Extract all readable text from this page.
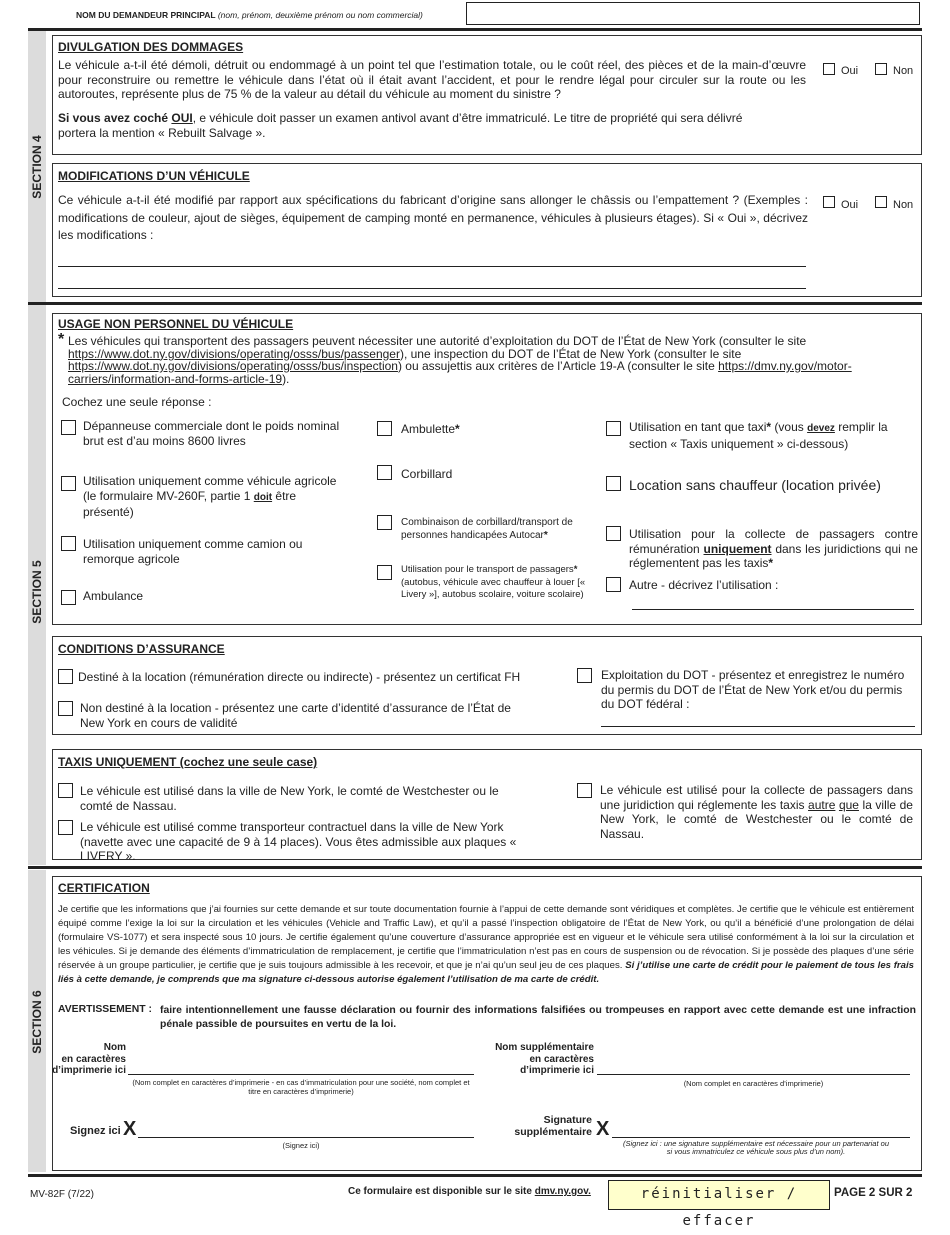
NOM DU DEMANDEUR PRINCIPAL (nom, prénom, deuxième prénom ou nom commercial)
SECTION 4
DIVULGATION DES DOMMAGES
Le véhicule a-t-il été démoli, détruit ou endommagé à un point tel que l’estimation totale, ou le coût réel, des pièces et de la main-d’œuvre pour reconstruire ou remettre le véhicule dans l’état où il était avant l’accident, et pour le rendre légal pour circuler sur la route ou les autoroutes, représente plus de 75 % de la valeur au détail du véhicule au moment du sinistre ?
Si vous avez coché OUI, e véhicule doit passer un examen antivol avant d’être immatriculé. Le titre de propriété qui sera délivré portera la mention « Rebuilt Salvage ».
Oui	Non
MODIFICATIONS D’UN VÉHICULE
Ce véhicule a-t-il été modifié par rapport aux spécifications du fabricant d’origine sans allonger le châssis ou l’empattement ? (Exemples : modifications de couleur, ajout de sièges, équipement de camping monté en permanence, véhicules à plusieurs étages). Si « Oui », décrivez les modifications :
Oui	Non
SECTION 5
USAGE NON PERSONNEL DU VÉHICULE
* Les véhicules qui transportent des passagers peuvent nécessiter une autorité d’exploitation du DOT de l’État de New York (consulter le site https://www.dot.ny.gov/divisions/operating/osss/bus/passenger), une inspection du DOT de l’État de New York (consulter le site https://www.dot.ny.gov/divisions/operating/osss/bus/inspection) ou assujettis aux critères de l’Article 19-A (consulter le site https://dmv.ny.gov/motor-carriers/information-and-forms-article-19).
Cochez une seule réponse :
Dépanneuse commerciale dont le poids nominal brut est d’au moins 8600 livres
Utilisation uniquement comme véhicule agricole (le formulaire MV-260F, partie 1 doit être présenté)
Utilisation uniquement comme camion ou remorque agricole
Ambulance
Ambulette*
Corbillard
Combinaison de corbillard/transport de personnes handicapées Autocar*
Utilisation pour le transport de passagers* (autobus, véhicule avec chauffeur à louer [« Livery »], autobus scolaire, voiture scolaire)
Utilisation en tant que taxi* (vous devez remplir la section « Taxis uniquement » ci-dessous)
Location sans chauffeur (location privée)
Utilisation pour la collecte de passagers contre rémunération uniquement dans les juridictions qui ne réglementent pas les taxis*
Autre - décrivez l’utilisation :
CONDITIONS D’ASSURANCE
Destiné à la location (rémunération directe ou indirecte) - présentez un certificat FH
Non destiné à la location - présentez une carte d’identité d’assurance de l’État de New York en cours de validité
Exploitation du DOT - présentez et enregistrez le numéro du permis du DOT de l’État de New York et/ou du permis du DOT fédéral :
TAXIS UNIQUEMENT (cochez une seule case)
Le véhicule est utilisé dans la ville de New York, le comté de Westchester ou le comté de Nassau.
Le véhicule est utilisé comme transporteur contractuel dans la ville de New York (navette avec une capacité de 9 à 14 places). Vous êtes admissible aux plaques « LIVERY ».
Le véhicule est utilisé pour la collecte de passagers dans une juridiction qui réglemente les taxis autre que la ville de New York, le comté de Westchester ou le comté de Nassau.
SECTION 6
CERTIFICATION
Je certifie que les informations que j’ai fournies sur cette demande et sur toute documentation fournie à l’appui de cette demande sont véridiques et complètes. Je certifie que le véhicule est entièrement équipé comme l’exige la loi sur la circulation et les véhicules (Vehicle and Traffic Law), et qu’il a passé l’inspection obligatoire de l’État de New York, ou qu’il a bénéficié d’une prolongation de délai (formulaire VS-1077) et sera inspecté sous 10 jours. Je certifie également qu’une couverture d’assurance appropriée est en vigueur et le véhicule sera utilisé conformément à la loi sur la circulation et les véhicules. Si je demande des éléments d’immatriculation de remplacement, je certifie que l’immatriculation n’est pas en cours de suspension ou de révocation. Si je possède des plaques d’une série réservée à un groupe particulier, je certifie que je suis toujours admissible à les recevoir, et que je n’ai qu’un seul jeu de ces plaques. Si j’utilise une carte de crédit pour le paiement de tous les frais liés à cette demande, je comprends que ma signature ci-dessous autorise également l’utilisation de ma carte de crédit.
AVERTISSEMENT : faire intentionnellement une fausse déclaration ou fournir des informations falsifiées ou trompeuses en rapport avec cette demande est une infraction pénale passible de poursuites en vertu de la loi.
Nom
en caractères
d’imprimerie ici
(Nom complet en caractères d’imprimerie - en cas d’immatriculation pour une société, nom complet et titre en caractères d’imprimerie)
Nom supplémentaire
en caractères
d’imprimerie ici
(Nom complet en caractères d’imprimerie)
Signez ici X
(Signez ici)
Signature
supplémentaire X
(Signez ici : une signature supplémentaire est nécessaire pour un partenariat ou
si vous immatriculez ce véhicule sous plus d’un nom).
MV-82F (7/22)	Ce formulaire est disponible sur le site dmv.ny.gov.	réinitialiser / effacer
PAGE 2 SUR 2
